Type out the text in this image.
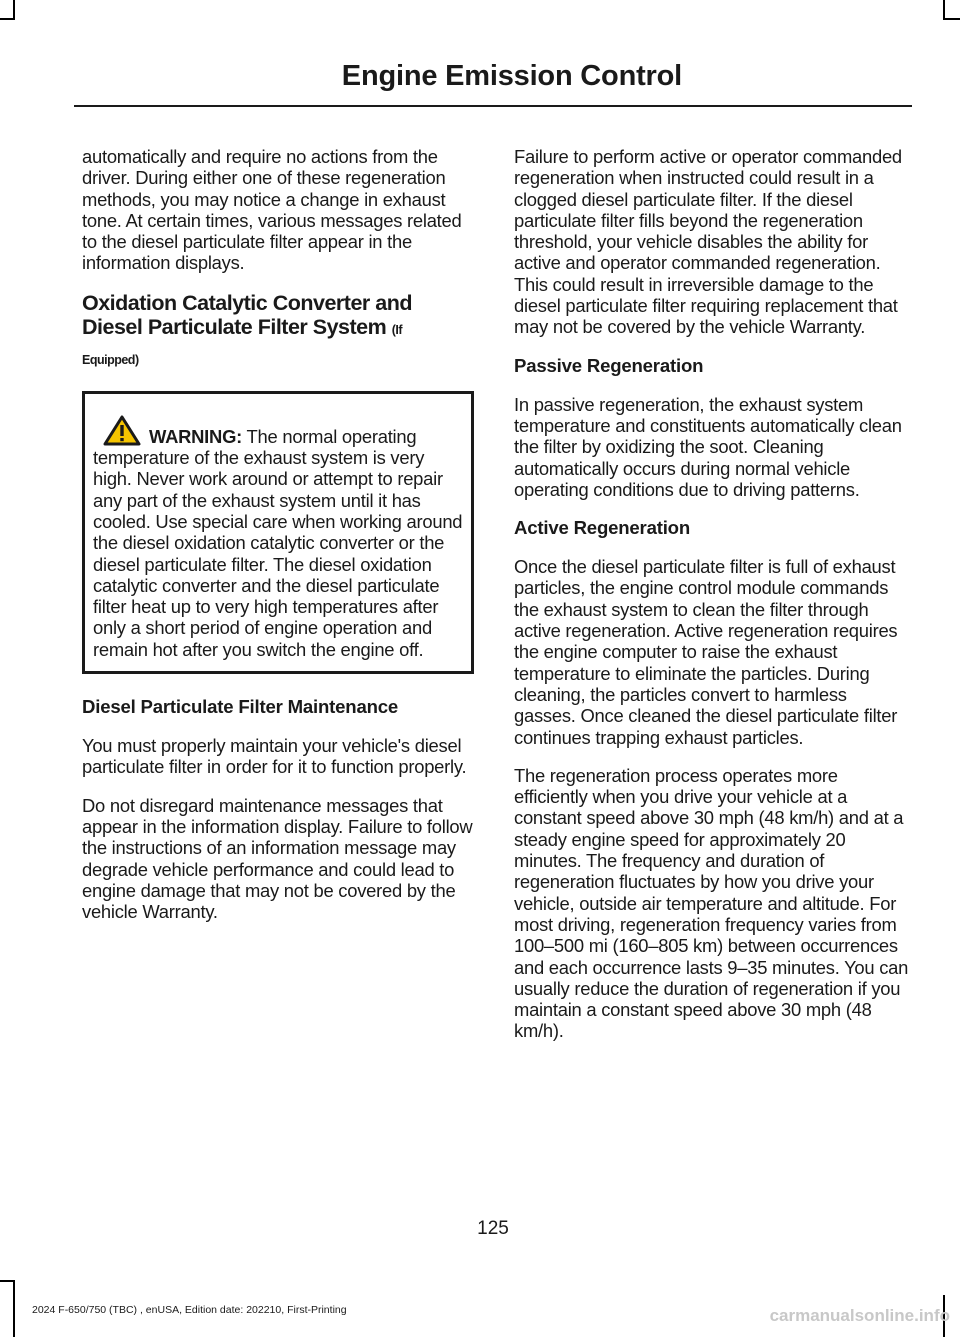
Engine Emission Control

automatically and require no actions from the driver. During either one of these regeneration methods, you may notice a change in exhaust tone. At certain times, various messages related to the diesel particulate filter appear in the information displays.

Oxidation Catalytic Converter and Diesel Particulate Filter System (If
Equipped)

WARNING: The normal operating temperature of the exhaust system is very high. Never work around or attempt to repair any part of the exhaust system until it has cooled. Use special care when working around the diesel oxidation catalytic converter or the diesel particulate filter. The diesel oxidation catalytic converter and the diesel particulate filter heat up to very high temperatures after only a short period of engine operation and remain hot after you switch the engine off.

Diesel Particulate Filter Maintenance

You must properly maintain your vehicle's diesel particulate filter in order for it to function properly.

Do not disregard maintenance messages that appear in the information display. Failure to follow the instructions of an information message may degrade vehicle performance and could lead to engine damage that may not be covered by the vehicle Warranty.

Failure to perform active or operator commanded regeneration when instructed could result in a clogged diesel particulate filter. If the diesel particulate filter fills beyond the regeneration threshold, your vehicle disables the ability for active and operator commanded regeneration. This could result in irreversible damage to the diesel particulate filter requiring replacement that may not be covered by the vehicle Warranty.

Passive Regeneration

In passive regeneration, the exhaust system temperature and constituents automatically clean the filter by oxidizing the soot. Cleaning automatically occurs during normal vehicle operating conditions due to driving patterns.

Active Regeneration

Once the diesel particulate filter is full of exhaust particles, the engine control module commands the exhaust system to clean the filter through active regeneration. Active regeneration requires the engine computer to raise the exhaust temperature to eliminate the particles. During cleaning, the particles convert to harmless gasses. Once cleaned the diesel particulate filter continues trapping exhaust particles.

The regeneration process operates more efficiently when you drive your vehicle at a constant speed above 30 mph (48 km/h) and at a steady engine speed for approximately 20 minutes. The frequency and duration of regeneration fluctuates by how you drive your vehicle, outside air temperature and altitude. For most driving, regeneration frequency varies from 100–500 mi (160–805 km) between occurrences and each occurrence lasts 9–35 minutes. You can usually reduce the duration of regeneration if you maintain a constant speed above 30 mph (48 km/h).

125
2024 F-650/750 (TBC) , enUSA, Edition date: 202210, First-Printing	carmanualsonline.info
